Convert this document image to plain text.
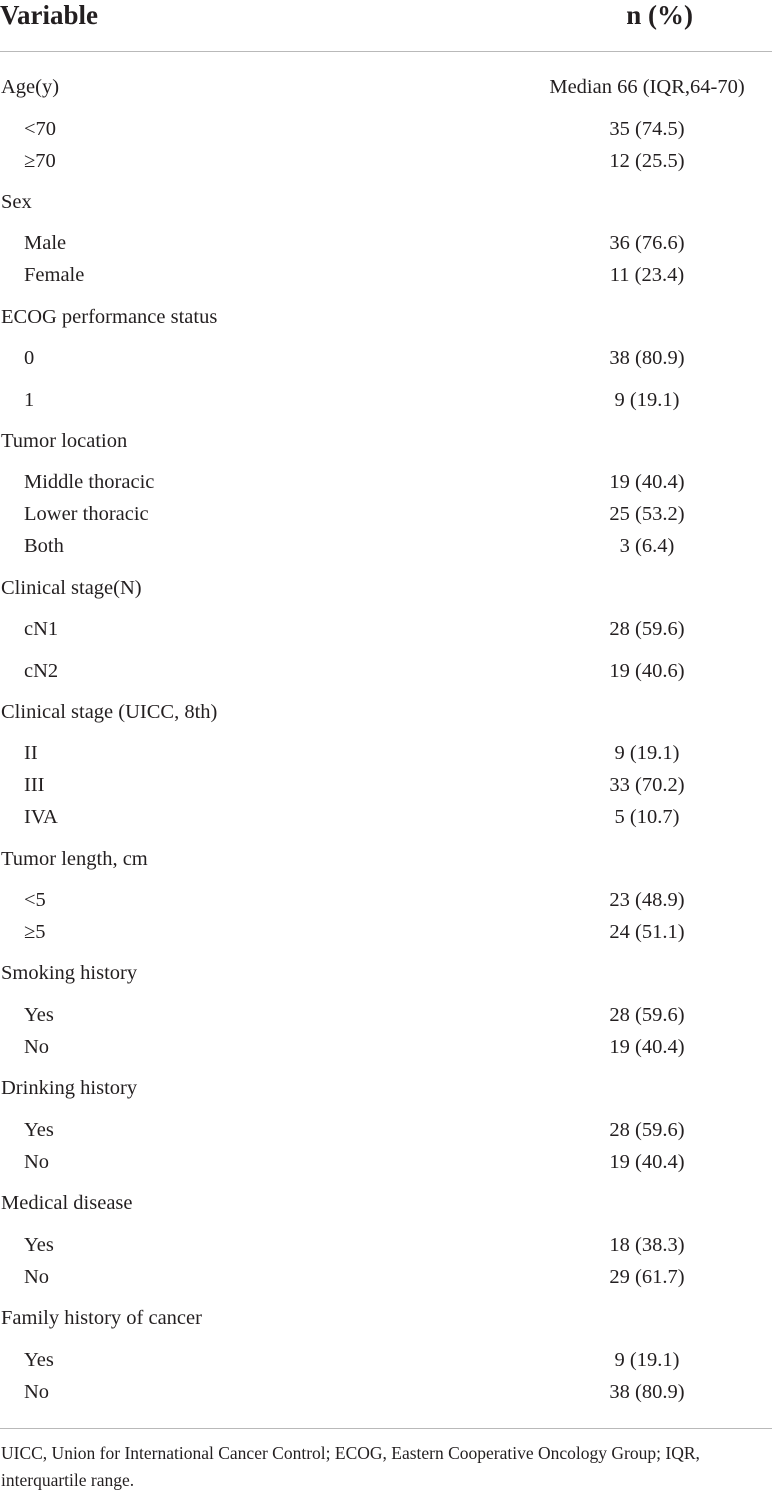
Variable	n (%)
Age(y)	Median 66 (IQR,64-70)
<70	35 (74.5)
≥70	12 (25.5)
Sex
Male	36 (76.6)
Female	11 (23.4)
ECOG performance status
0	38 (80.9)
1	9 (19.1)
Tumor location
Middle thoracic	19 (40.4)
Lower thoracic	25 (53.2)
Both	3 (6.4)
Clinical stage(N)
cN1	28 (59.6)
cN2	19 (40.6)
Clinical stage (UICC, 8th)
II	9 (19.1)
III	33 (70.2)
IVA	5 (10.7)
Tumor length, cm
<5	23 (48.9)
≥5	24 (51.1)
Smoking history
Yes	28 (59.6)
No	19 (40.4)
Drinking history
Yes	28 (59.6)
No	19 (40.4)
Medical disease
Yes	18 (38.3)
No	29 (61.7)
Family history of cancer
Yes	9 (19.1)
No	38 (80.9)
UICC, Union for International Cancer Control; ECOG, Eastern Cooperative Oncology Group; IQR, interquartile range.
